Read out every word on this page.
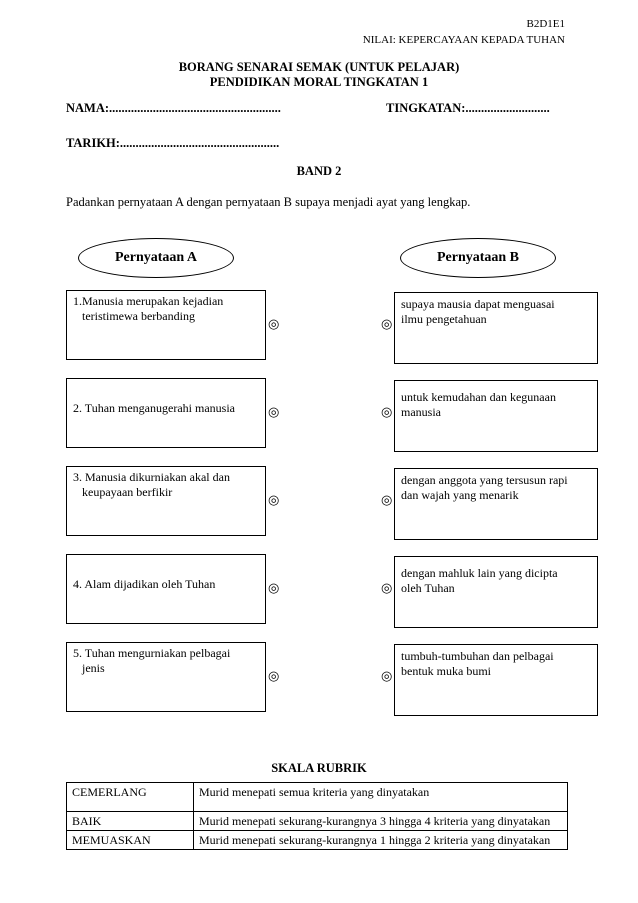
B2D1E1
NILAI: KEPERCAYAAN KEPADA TUHAN
BORANG SENARAI SEMAK (UNTUK PELAJAR)
PENDIDIKAN MORAL TINGKATAN 1
NAMA:.......................................................	TINGKATAN:...........................
TARIKH:...................................................
BAND 2
Padankan pernyataan A dengan pernyataan B supaya menjadi ayat yang lengkap.
Pernyataan A	Pernyataan B
1.Manusia merupakan kejadian
teristimewa berbanding	◎	◎
supaya mausia dapat menguasai
ilmu pengetahuan
2. Tuhan menganugerahi manusia	◎	◎
untuk kemudahan dan kegunaan
manusia
3. Manusia dikurniakan akal dan
keupayaan berfikir	◎	◎
dengan anggota yang tersusun rapi
dan wajah yang menarik
4. Alam dijadikan oleh Tuhan	◎	◎
dengan mahluk lain yang dicipta
oleh Tuhan
5. Tuhan mengurniakan pelbagai
jenis	◎	◎
tumbuh-tumbuhan dan pelbagai
bentuk muka bumi
SKALA RUBRIK
CEMERLANG	Murid menepati semua kriteria yang dinyatakan
BAIK	Murid menepati sekurang-kurangnya 3 hingga 4 kriteria yang dinyatakan
MEMUASKAN	Murid menepati sekurang-kurangnya 1 hingga 2 kriteria yang dinyatakan
